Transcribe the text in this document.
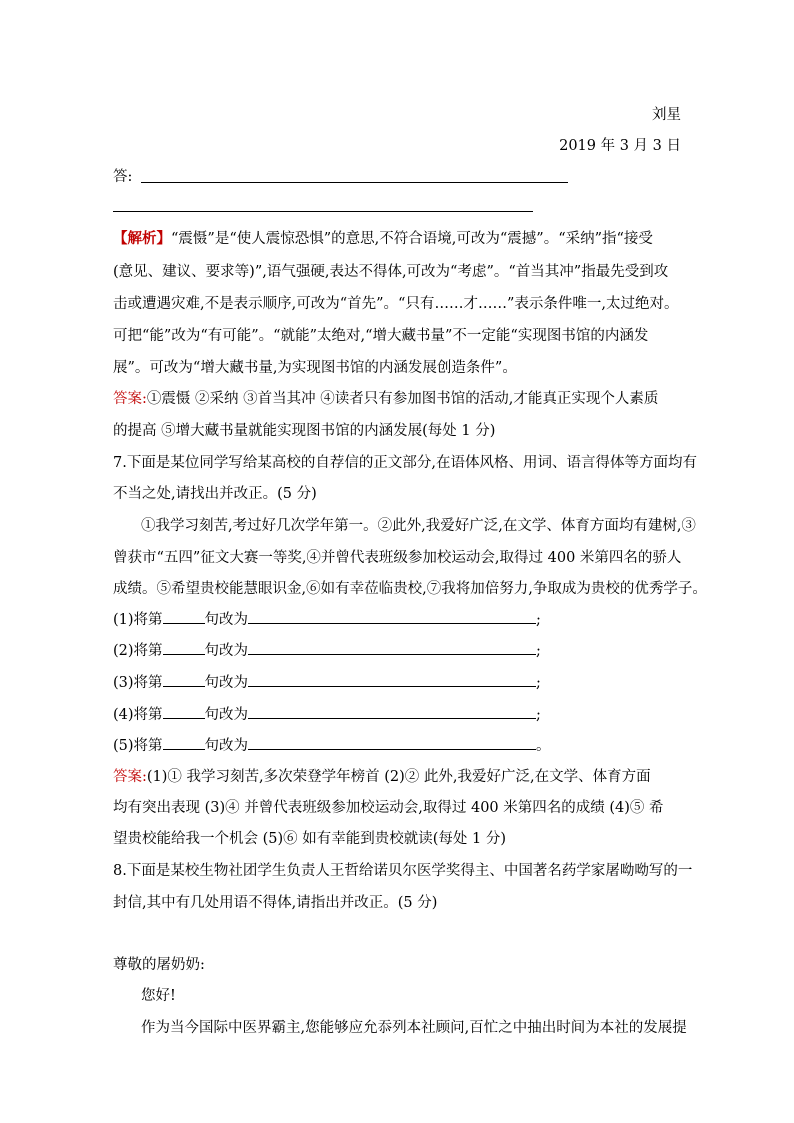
刘星
2019 年 3 月 3 日
答:
【解析】“震慑”是“使人震惊恐惧”的意思,不符合语境,可改为“震撼”。“采纳”指“接受
(意见、建议、要求等)”,语气强硬,表达不得体,可改为“考虑”。“首当其冲”指最先受到攻
击或遭遇灾难,不是表示顺序,可改为“首先”。“只有……才……”表示条件唯一,太过绝对。
可把“能”改为“有可能”。“就能”太绝对,“增大藏书量”不一定能“实现图书馆的内涵发
展”。可改为“增大藏书量,为实现图书馆的内涵发展创造条件”。
答案:①震慑 ②采纳 ③首当其冲 ④读者只有参加图书馆的活动,才能真正实现个人素质
的提高 ⑤增大藏书量就能实现图书馆的内涵发展(每处 1 分)
7.下面是某位同学写给某高校的自荐信的正文部分,在语体风格、用词、语言得体等方面均有
不当之处,请找出并改正。(5 分)
①我学习刻苦,考过好几次学年第一。②此外,我爱好广泛,在文学、体育方面均有建树,③
曾获市“五四”征文大赛一等奖,④并曾代表班级参加校运动会,取得过 400 米第四名的骄人
成绩。⑤希望贵校能慧眼识金,⑥如有幸莅临贵校,⑦我将加倍努力,争取成为贵校的优秀学子。
(1)将第	句改为	;
(2)将第	句改为	;
(3)将第	句改为	;
(4)将第	句改为	;
(5)将第	句改为	。
答案:(1)① 我学习刻苦,多次荣登学年榜首 (2)② 此外,我爱好广泛,在文学、体育方面
均有突出表现 (3)④ 并曾代表班级参加校运动会,取得过 400 米第四名的成绩 (4)⑤ 希
望贵校能给我一个机会 (5)⑥ 如有幸能到贵校就读(每处 1 分)
8.下面是某校生物社团学生负责人王哲给诺贝尔医学奖得主、中国著名药学家屠呦呦写的一
封信,其中有几处用语不得体,请指出并改正。(5 分)
尊敬的屠奶奶:
您好!
作为当今国际中医界霸主,您能够应允忝列本社顾问,百忙之中抽出时间为本社的发展提
